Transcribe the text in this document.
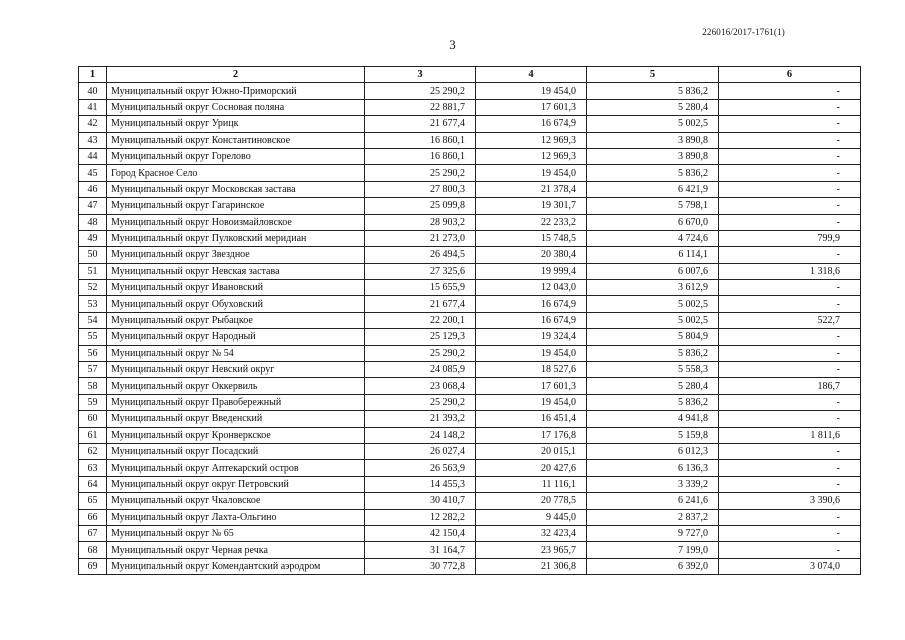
226016/2017-1761(1)
3
1	2	3	4	5	6
40	Муниципальный округ Южно-Приморский	25 290,2	19 454,0	5 836,2	-
41	Муниципальный округ Сосновая поляна	22 881,7	17 601,3	5 280,4	-
42	Муниципальный округ Урицк	21 677,4	16 674,9	5 002,5	-
43	Муниципальный округ Константиновское	16 860,1	12 969,3	3 890,8	-
44	Муниципальный округ Горелово	16 860,1	12 969,3	3 890,8	-
45	Город Красное Село	25 290,2	19 454,0	5 836,2	-
46	Муниципальный округ Московская застава	27 800,3	21 378,4	6 421,9	-
47	Муниципальный округ Гагаринское	25 099,8	19 301,7	5 798,1	-
48	Муниципальный округ Новоизмайловское	28 903,2	22 233,2	6 670,0	-
49	Муниципальный округ Пулковский меридиан	21 273,0	15 748,5	4 724,6	799,9
50	Муниципальный округ Звездное	26 494,5	20 380,4	6 114,1	-
51	Муниципальный округ Невская застава	27 325,6	19 999,4	6 007,6	1 318,6
52	Муниципальный округ Ивановский	15 655,9	12 043,0	3 612,9	-
53	Муниципальный округ Обуховский	21 677,4	16 674,9	5 002,5	-
54	Муниципальный округ Рыбацкое	22 200,1	16 674,9	5 002,5	522,7
55	Муниципальный округ Народный	25 129,3	19 324,4	5 804,9	-
56	Муниципальный округ № 54	25 290,2	19 454,0	5 836,2	-
57	Муниципальный округ Невский округ	24 085,9	18 527,6	5 558,3	-
58	Муниципальный округ Оккервиль	23 068,4	17 601,3	5 280,4	186,7
59	Муниципальный округ Правобережный	25 290,2	19 454,0	5 836,2	-
60	Муниципальный округ Введенский	21 393,2	16 451,4	4 941,8	-
61	Муниципальный округ Кронверкское	24 148,2	17 176,8	5 159,8	1 811,6
62	Муниципальный округ Посадский	26 027,4	20 015,1	6 012,3	-
63	Муниципальный округ Аптекарский остров	26 563,9	20 427,6	6 136,3	-
64	Муниципальный округ округ Петровский	14 455,3	11 116,1	3 339,2	-
65	Муниципальный округ Чкаловское	30 410,7	20 778,5	6 241,6	3 390,6
66	Муниципальный округ Лахта-Ольгино	12 282,2	9 445,0	2 837,2	-
67	Муниципальный округ № 65	42 150,4	32 423,4	9 727,0	-
68	Муниципальный округ Черная речка	31 164,7	23 965,7	7 199,0	-
69	Муниципальный округ Комендантский аэродром	30 772,8	21 306,8	6 392,0	3 074,0
